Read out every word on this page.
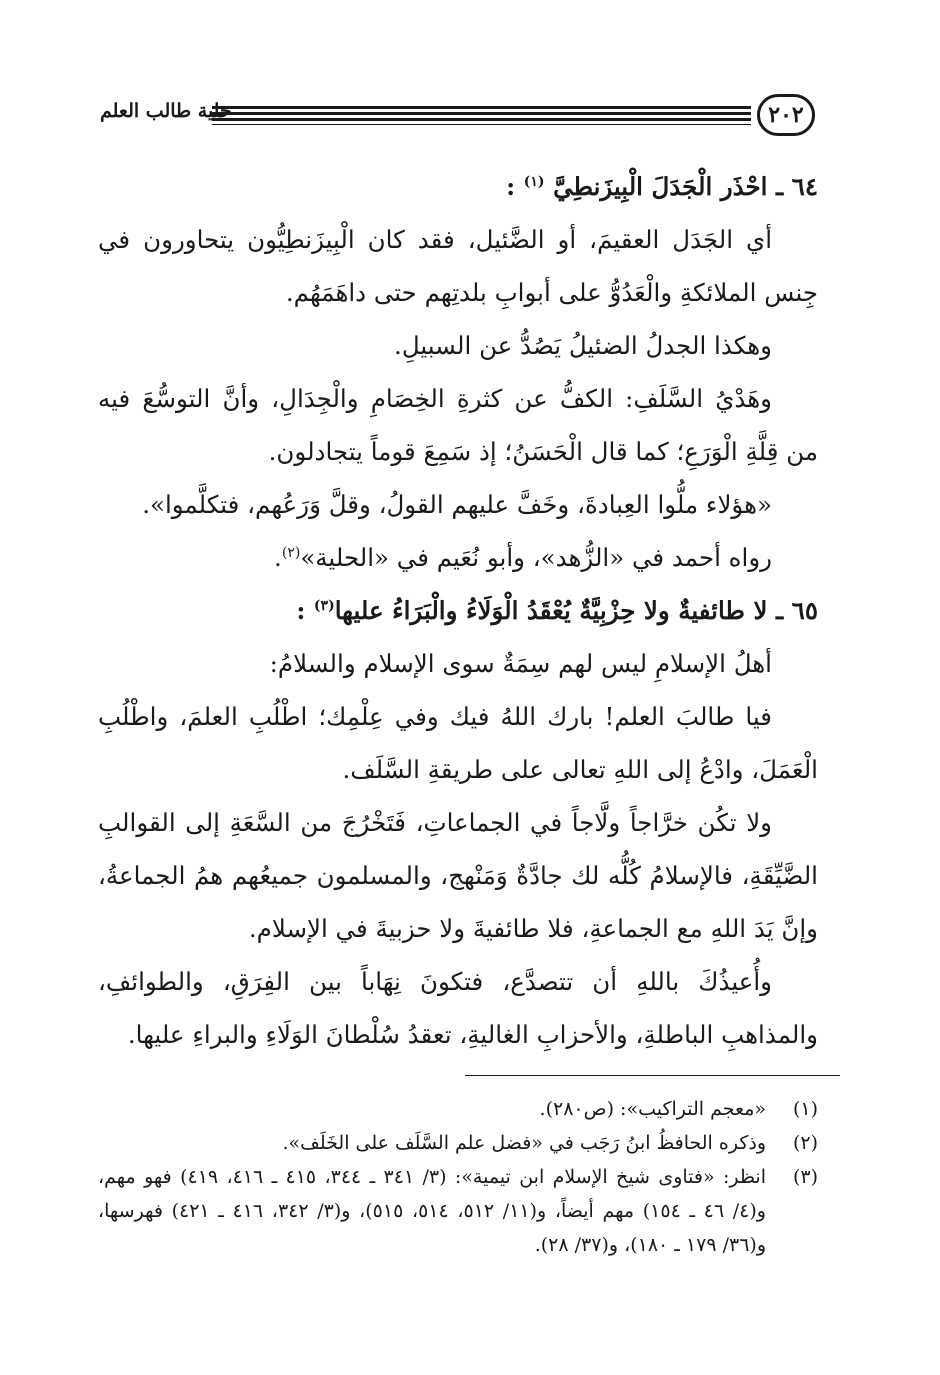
٢٠٢
حلية طالب العلم

٦٤ ـ احْذَر الْجَدَلَ الْبِيزَنطِيَّ $^{(١)}$ :

أي الجَدَل العقيمَ، أو الضَّئيل، فقد كان الْبِيزَنطِيُّون يتحاورون في جِنس الملائكةِ والْعَدُوُّ على أبوابِ بلدتِهم حتى داهَمَهُم.

وهكذا الجدلُ الضئيلُ يَصُدُّ عن السبيلِ.

وهَدْيُ السَّلَفِ: الكفُّ عن كثرةِ الخِصَامِ والْجِدَالِ، وأنَّ التوسُّعَ فيه من قِلَّةِ الْوَرَعِ؛ كما قال الْحَسَنُ؛ إذ سَمِعَ قوماً يتجادلون.

«هؤلاء ملُّوا العِبادةَ، وخَفَّ عليهم القولُ، وقلَّ وَرَعُهم، فتكلَّموا».

رواه أحمد في «الزُّهد»، وأبو نُعَيم في «الحلية»$^{(٢)}$.

٦٥ ـ لا طائفيةٌ ولا حِزْبِيَّةٌ يُعْقَدُ الْوَلَاءُ والْبَرَاءُ عليها$^{(٣)}$ :

أهلُ الإسلامِ ليس لهم سِمَةٌ سوى الإسلام والسلامُ:

فيا طالبَ العلم! بارك اللهُ فيك وفي عِلْمِك؛ اطْلُبِ العلمَ، واطْلُبِ الْعَمَلَ، وادْعُ إلى اللهِ تعالى على طريقةِ السَّلَف.

ولا تكُن خرَّاجاً ولَّاجاً في الجماعاتِ، فَتَخْرُجَ من السَّعَةِ إلى القوالبِ الضَّيِّقَةِ، فالإسلامُ كُلُّه لك جادَّةٌ وَمَنْهج، والمسلمون جميعُهم همُ الجماعةُ، وإنَّ يَدَ اللهِ مع الجماعةِ، فلا طائفيةَ ولا حزبيةَ في الإسلام.

وأُعيذُكَ باللهِ أن تتصدَّع، فتكونَ نِهَاباً بين الفِرَقِ، والطوائفِ، والمذاهبِ الباطلةِ، والأحزابِ الغاليةِ، تعقدُ سُلْطانَ الوَلَاءِ والبراءِ عليها.

(١)
«معجم التراكيب»: (ص٢٨٠).

(٢)
وذكره الحافظُ ابنُ رَجَب في «فضل علم السَّلَف على الخَلَف».

(٣)
انظر: «فتاوى شيخ الإسلام ابن تيمية»: (٣/ ٣٤١ ـ ٣٤٤، ٤١٥ ـ ٤١٦، ٤١٩) فهو مهم، و(٤/ ٤٦ ـ ١٥٤) مهم أيضاً، و(١١/ ٥١٢، ٥١٤، ٥١٥)، و(٣/ ٣٤٢، ٤١٦ ـ ٤٢١) فهرسها، و(٣٦/ ١٧٩ ـ ١٨٠)، و(٣٧/ ٢٨).
